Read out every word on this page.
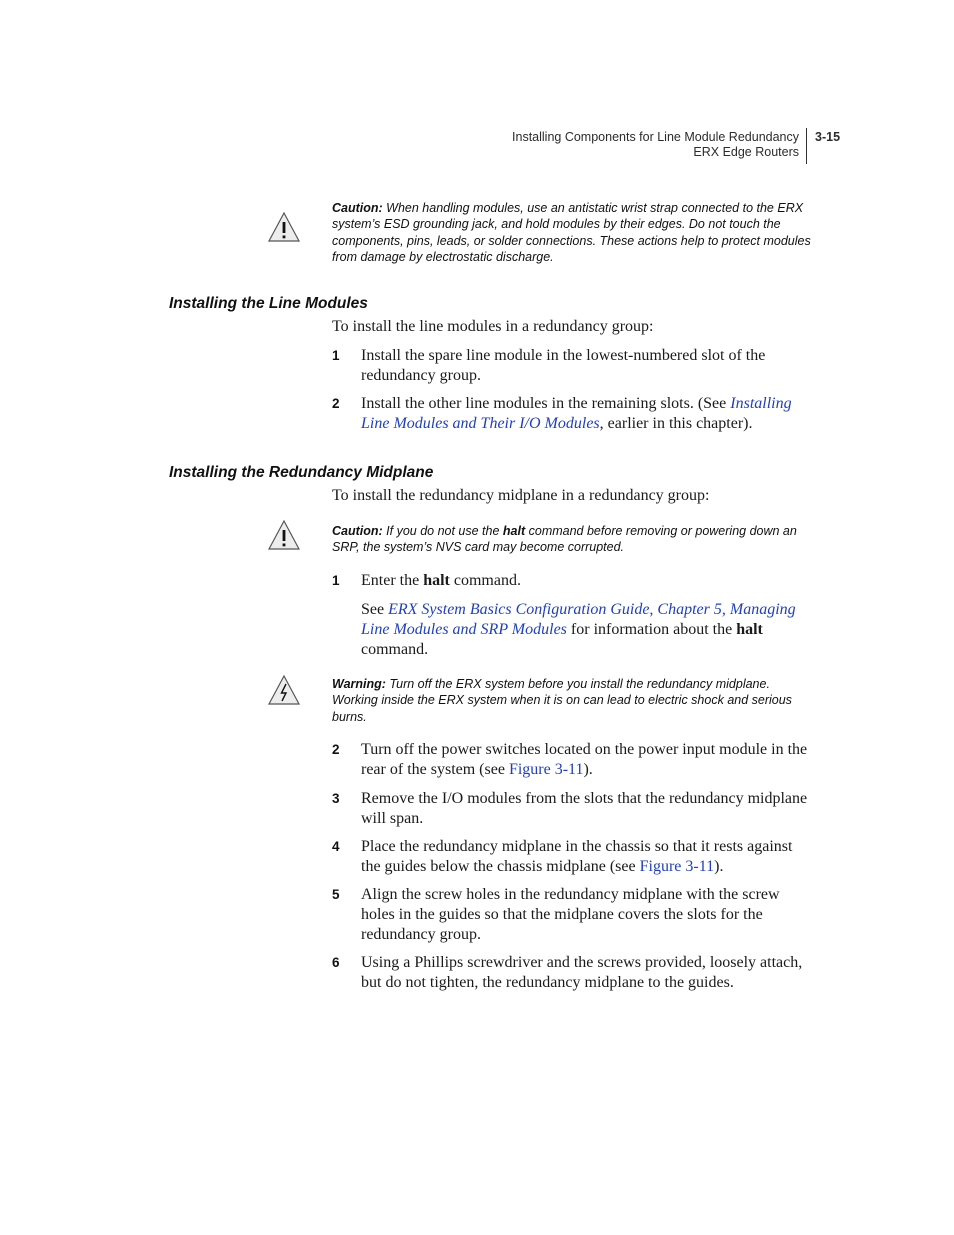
Installing Components for Line Module Redundancy
ERX Edge Routers
3-15
Caution: When handling modules, use an antistatic wrist strap connected to the ERX system’s ESD grounding jack, and hold modules by their edges. Do not touch the components, pins, leads, or solder connections. These actions help to protect modules from damage by electrostatic discharge.
Installing the Line Modules
To install the line modules in a redundancy group:
1 Install the spare line module in the lowest-numbered slot of the redundancy group.
2 Install the other line modules in the remaining slots. (See Installing Line Modules and Their I/O Modules, earlier in this chapter).
Installing the Redundancy Midplane
To install the redundancy midplane in a redundancy group:
Caution: If you do not use the halt command before removing or powering down an SRP, the system’s NVS card may become corrupted.
1 Enter the halt command.
See ERX System Basics Configuration Guide, Chapter 5, Managing Line Modules and SRP Modules for information about the halt command.
Warning: Turn off the ERX system before you install the redundancy midplane. Working inside the ERX system when it is on can lead to electric shock and serious burns.
2 Turn off the power switches located on the power input module in the rear of the system (see Figure 3-11).
3 Remove the I/O modules from the slots that the redundancy midplane will span.
4 Place the redundancy midplane in the chassis so that it rests against the guides below the chassis midplane (see Figure 3-11).
5 Align the screw holes in the redundancy midplane with the screw holes in the guides so that the midplane covers the slots for the redundancy group.
6 Using a Phillips screwdriver and the screws provided, loosely attach, but do not tighten, the redundancy midplane to the guides.
